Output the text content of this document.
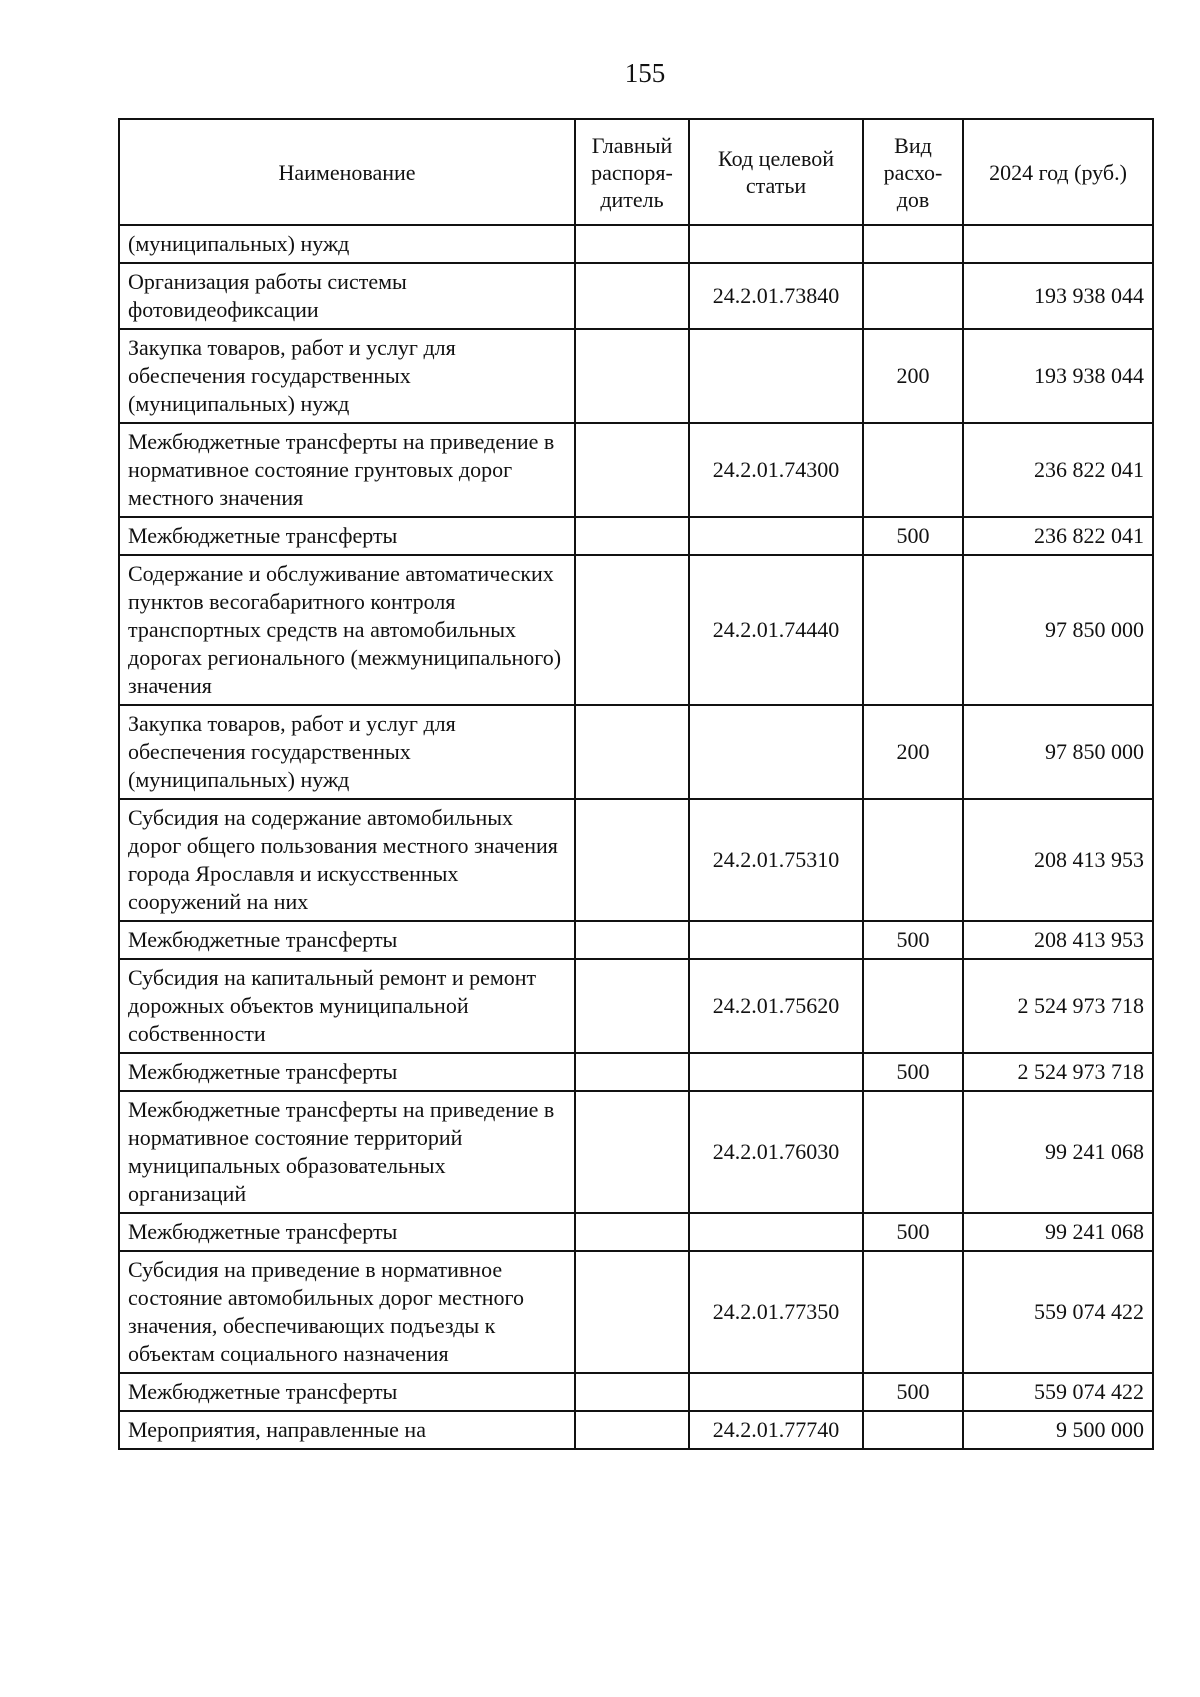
155
Наименование	Главный распоря-дитель	Код целевой статьи	Вид расхо-дов	2024 год (руб.)
(муниципальных) нужд				
Организация работы системы фотовидеофиксации		24.2.01.73840		193 938 044
Закупка товаров, работ и услуг для обеспечения государственных (муниципальных) нужд			200	193 938 044
Межбюджетные трансферты на приведение в нормативное состояние грунтовых дорог местного значения		24.2.01.74300		236 822 041
Межбюджетные трансферты			500	236 822 041
Содержание и обслуживание автоматических пунктов весогабаритного контроля транспортных средств на автомобильных дорогах регионального (межмуниципального) значения		24.2.01.74440		97 850 000
Закупка товаров, работ и услуг для обеспечения государственных (муниципальных) нужд			200	97 850 000
Субсидия на содержание автомобильных дорог общего пользования местного значения города Ярославля и искусственных сооружений на них		24.2.01.75310		208 413 953
Межбюджетные трансферты			500	208 413 953
Субсидия на капитальный ремонт и ремонт дорожных объектов муниципальной собственности		24.2.01.75620		2 524 973 718
Межбюджетные трансферты			500	2 524 973 718
Межбюджетные трансферты на приведение в нормативное состояние территорий муниципальных образовательных организаций		24.2.01.76030		99 241 068
Межбюджетные трансферты			500	99 241 068
Субсидия на приведение в нормативное состояние автомобильных дорог местного значения, обеспечивающих подъезды к объектам социального назначения		24.2.01.77350		559 074 422
Межбюджетные трансферты			500	559 074 422
Мероприятия, направленные на		24.2.01.77740		9 500 000
